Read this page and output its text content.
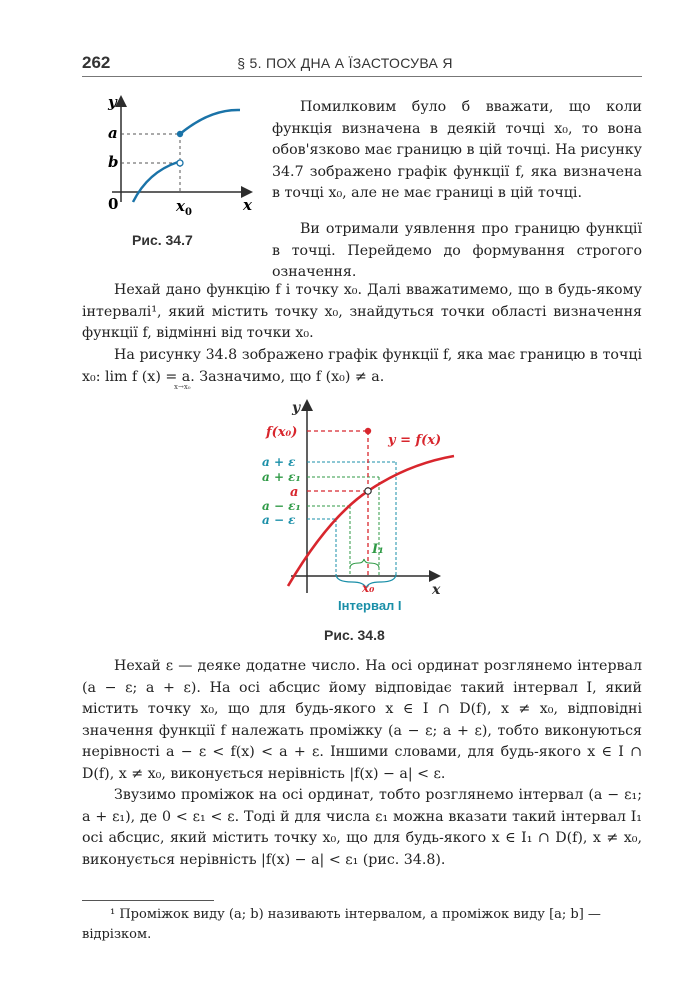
262	§ 5. ПОХ ДНА А ЇЗАСТОСУВА Я
y
x
0
a
b
$x_0$
Рис. 34.7
Помилковим було б вважати, що коли функція визначена в деякій точці x₀, то вона обов'язково має границю в цій точці. На рисунку 34.7 зображено графік функції f, яка визначена в точці x₀, але не має границі в цій точці.
Ви отримали уявлення про границю функції в точці. Перейдемо до формування строгого означення.
Нехай дано функцію f і точку x₀. Далі вважатимемо, що в будь-якому інтервалі¹, який містить точку x₀, знайдуться точки області визначення функції f, відмінні від точки x₀.
На рисунку 34.8 зображено графік функції f, яка має границю в точці x₀: lim f (x) = a. Зазначимо, що f (x₀) ≠ a.
x→x₀
y
x
f(x₀)
y = f(x)
a + ε
a + ε₁
a
a − ε₁
a − ε
I₁
x₀
Інтервал I
Рис. 34.8
Нехай ε — деяке додатне число. На осі ординат розглянемо інтервал (a − ε; a + ε). На осі абсцис йому відповідає такий інтервал I, який містить точку x₀, що для будь-якого x ∈ I ∩ D(f), x ≠ x₀, відповідні значення функції f належать проміжку (a − ε; a + ε), тобто виконуються нерівності a − ε < f(x) < a + ε. Іншими словами, для будь-якого x ∈ I ∩ D(f), x ≠ x₀, виконується нерівність |f(x) − a| < ε.
Звузимо проміжок на осі ординат, тобто розглянемо інтервал (a − ε₁; a + ε₁), де 0 < ε₁ < ε. Тоді й для числа ε₁ можна вказати такий інтервал I₁ осі абсцис, який містить точку x₀, що для будь-якого x ∈ I₁ ∩ D(f), x ≠ x₀, виконується нерівність |f(x) − a| < ε₁ (рис. 34.8).
¹ Проміжок виду (a; b) називають інтервалом, а проміжок виду [a; b] — відрізком.
